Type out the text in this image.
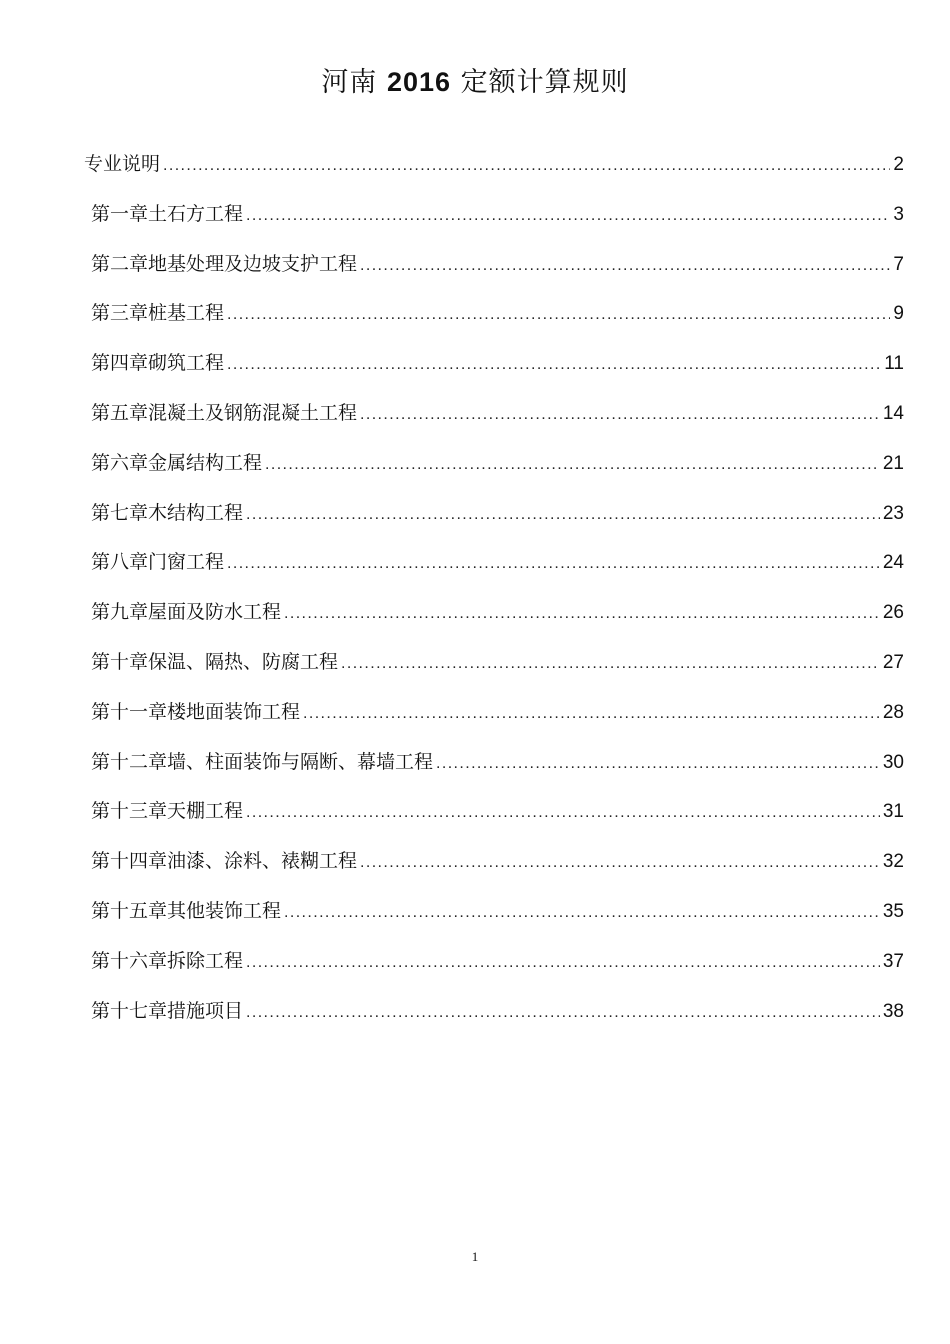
河南 2016 定额计算规则
专业说明 .....	2
第一章土石方工程 .....	3
第二章地基处理及边坡支护工程 .....	7
第三章桩基工程 .....	9
第四章砌筑工程 .....	11
第五章混凝土及钢筋混凝土工程 .....	14
第六章金属结构工程 .....	21
第七章木结构工程 .....	23
第八章门窗工程 .....	24
第九章屋面及防水工程 .....	26
第十章保温、隔热、防腐工程 .....	27
第十一章楼地面装饰工程 .....	28
第十二章墙、柱面装饰与隔断、幕墙工程 .....	30
第十三章天棚工程 .....	31
第十四章油漆、涂料、裱糊工程 .....	32
第十五章其他装饰工程 .....	35
第十六章拆除工程 .....	37
第十七章措施项目 .....	38
1
